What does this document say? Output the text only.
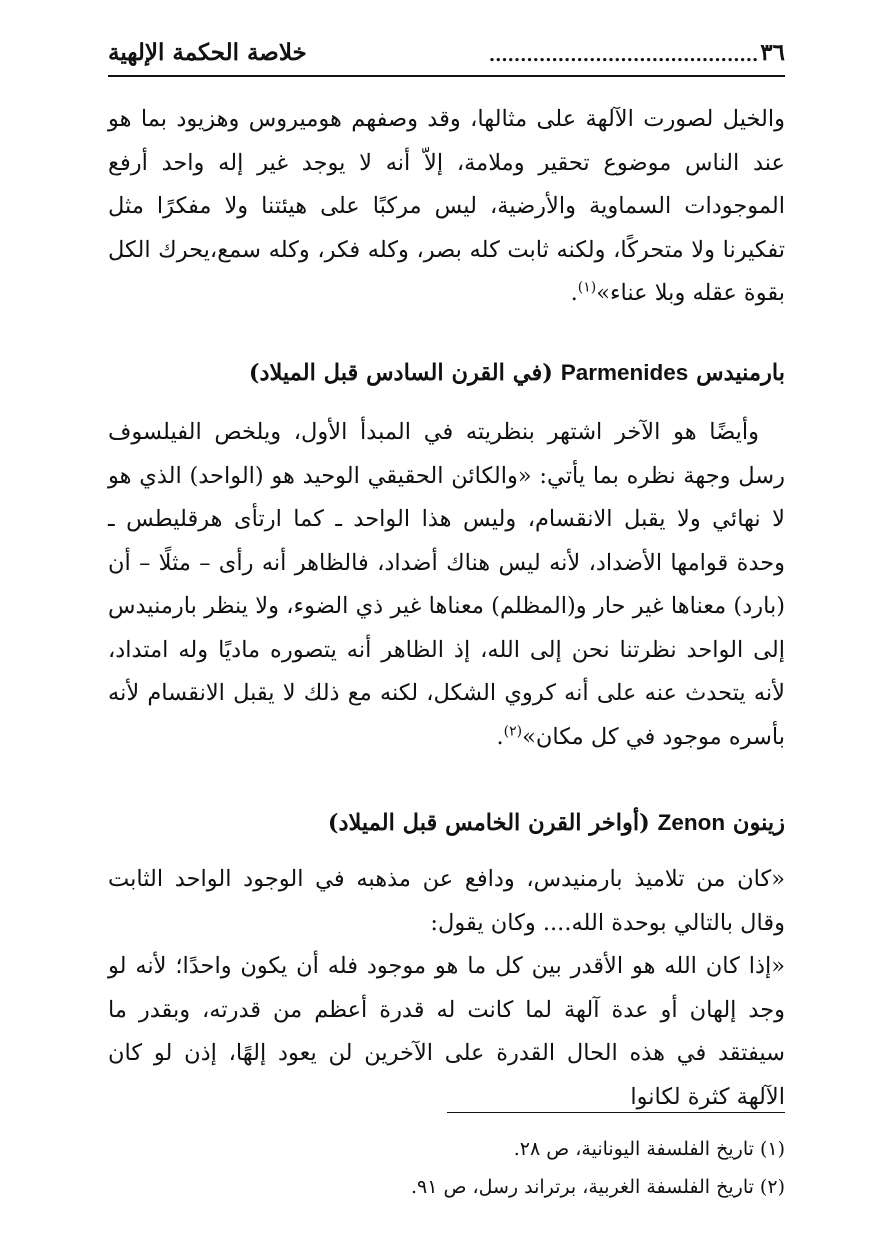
٣٦
...........................................
خلاصة الحكمة الإلهية

والخيل لصورت الآلهة على مثالها، وقد وصفهم هوميروس وهزيود بما هو عند الناس موضوع تحقير وملامة، إلاّ أنه لا يوجد غير إله واحد أرفع الموجودات السماوية والأرضية، ليس مركبًا على هيئتنا ولا مفكرًا مثل تفكيرنا ولا متحركًا، ولكنه ثابت كله بصر، وكله فكر، وكله سمع،يحرك الكل بقوة عقله وبلا عناء»$^{(١)}$.

بارمنيدس Parmenides (في القرن السادس قبل الميلاد)

وأيضًا هو الآخر اشتهر بنظريته في المبدأ الأول، ويلخص الفيلسوف رسل وجهة نظره بما يأتي: «والكائن الحقيقي الوحيد هو (الواحد) الذي هو لا نهائي ولا يقبل الانقسام، وليس هذا الواحد ـ كما ارتأى هرقليطس ـ وحدة قوامها الأضداد، لأنه ليس هناك أضداد، فالظاهر أنه رأى – مثلًا – أن (بارد) معناها غير حار و(المظلم) معناها غير ذي الضوء، ولا ينظر بارمنيدس إلى الواحد نظرتنا نحن إلى الله، إذ الظاهر أنه يتصوره ماديًا وله امتداد، لأنه يتحدث عنه على أنه كروي الشكل، لكنه مع ذلك لا يقبل الانقسام لأنه بأسره موجود في كل مكان»$^{(٢)}$.

زينون Zenon (أواخر القرن الخامس قبل الميلاد)

«كان من تلاميذ بارمنيدس، ودافع عن مذهبه في الوجود الواحد الثابت وقال بالتالي بوحدة الله.... وكان يقول:

«إذا كان الله هو الأقدر بين كل ما هو موجود فله أن يكون واحدًا؛ لأنه لو وجد إلهان أو عدة آلهة لما كانت له قدرة أعظم من قدرته، وبقدر ما سيفتقد في هذه الحال القدرة على الآخرين لن يعود إلهًا، إذن لو كان الآلهة كثرة لكانوا

(١) تاريخ الفلسفة اليونانية، ص ٢٨.

(٢) تاريخ الفلسفة الغربية، برتراند رسل، ص ٩١.
